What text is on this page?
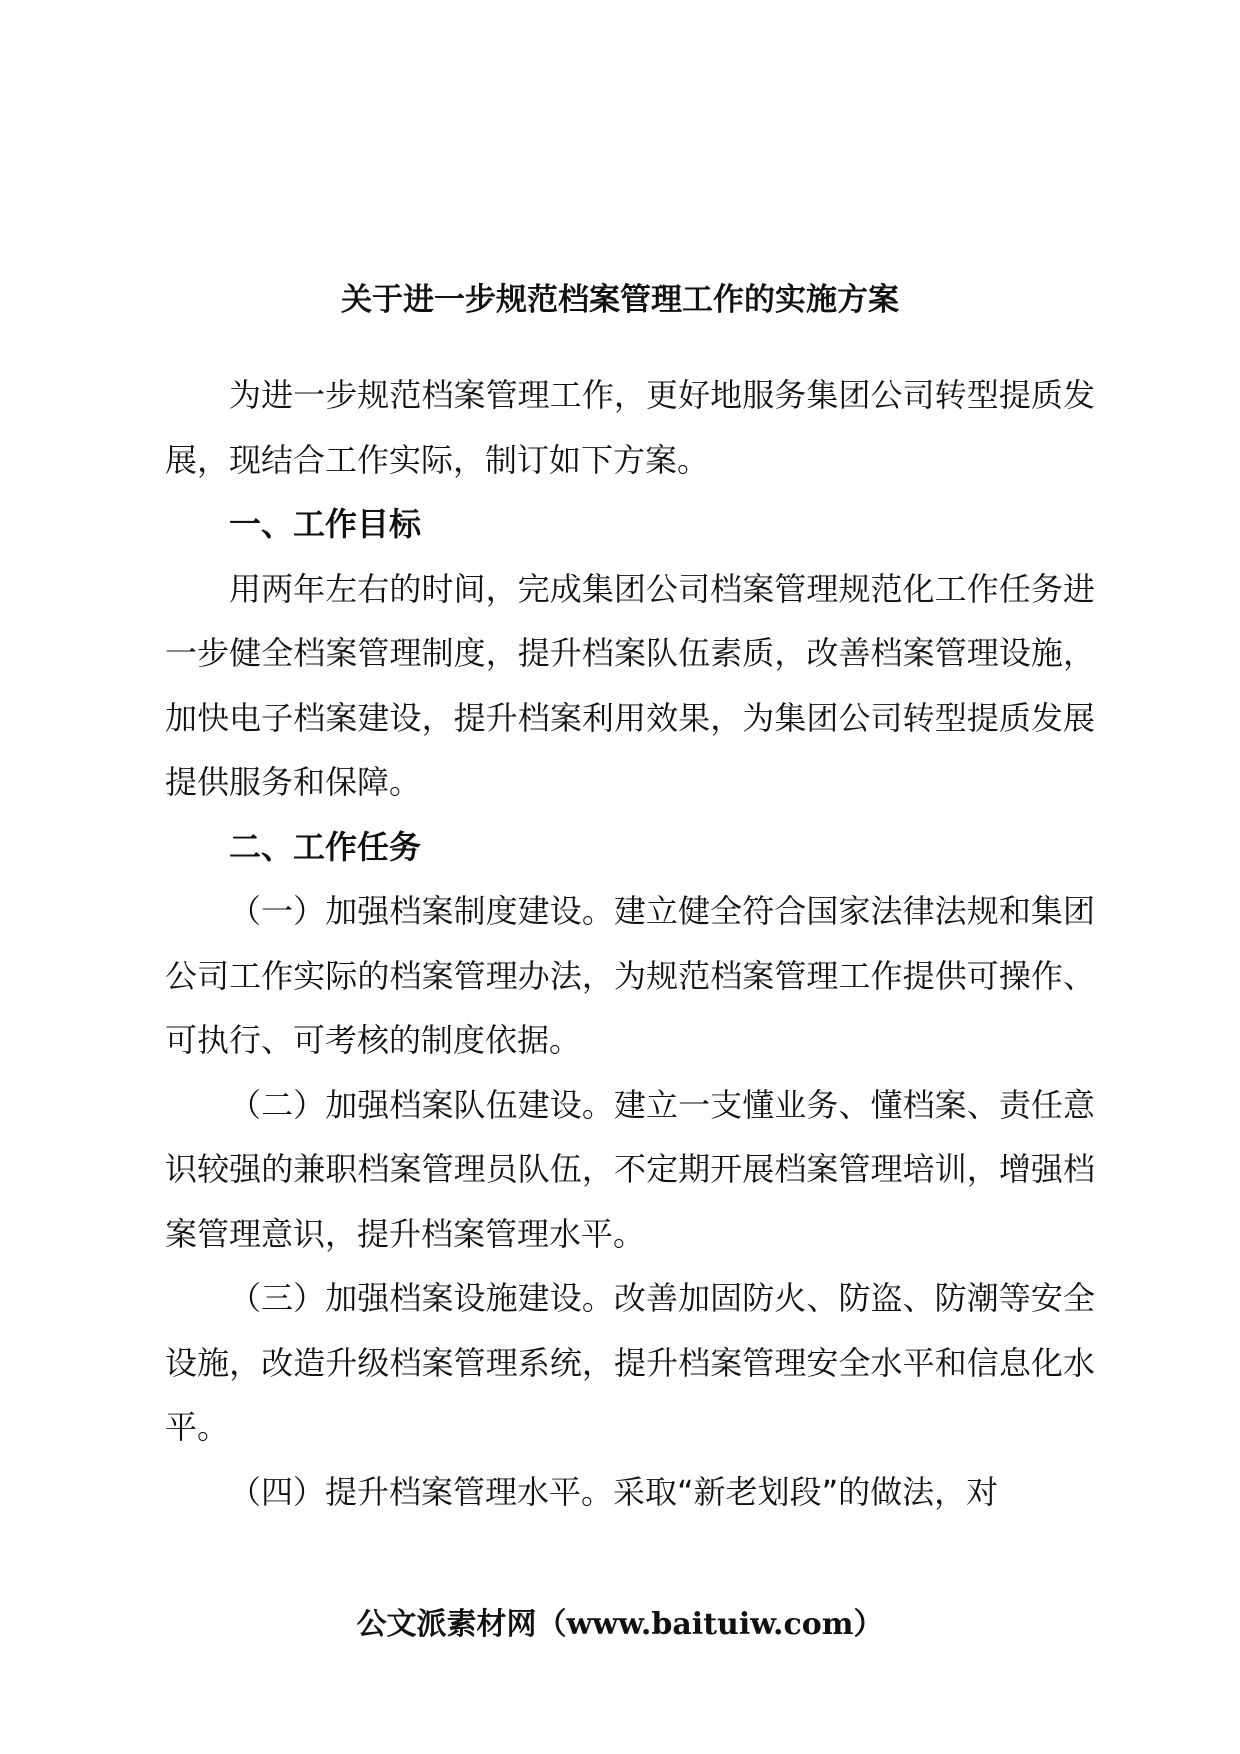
关于进一步规范档案管理工作的实施方案

为进一步规范档案管理工作，更好地服务集团公司转型提质发展，现结合工作实际，制订如下方案。

一、工作目标

用两年左右的时间，完成集团公司档案管理规范化工作任务进一步健全档案管理制度，提升档案队伍素质，改善档案管理设施，加快电子档案建设，提升档案利用效果，为集团公司转型提质发展提供服务和保障。

二、工作任务

（一）加强档案制度建设。建立健全符合国家法律法规和集团公司工作实际的档案管理办法，为规范档案管理工作提供可操作、可执行、可考核的制度依据。

（二）加强档案队伍建设。建立一支懂业务、懂档案、责任意识较强的兼职档案管理员队伍，不定期开展档案管理培训，增强档案管理意识，提升档案管理水平。

（三）加强档案设施建设。改善加固防火、防盗、防潮等安全设施，改造升级档案管理系统，提升档案管理安全水平和信息化水平。

（四）提升档案管理水平。采取“新老划段”的做法，对

公文派素材网（www.baituiw.com）
